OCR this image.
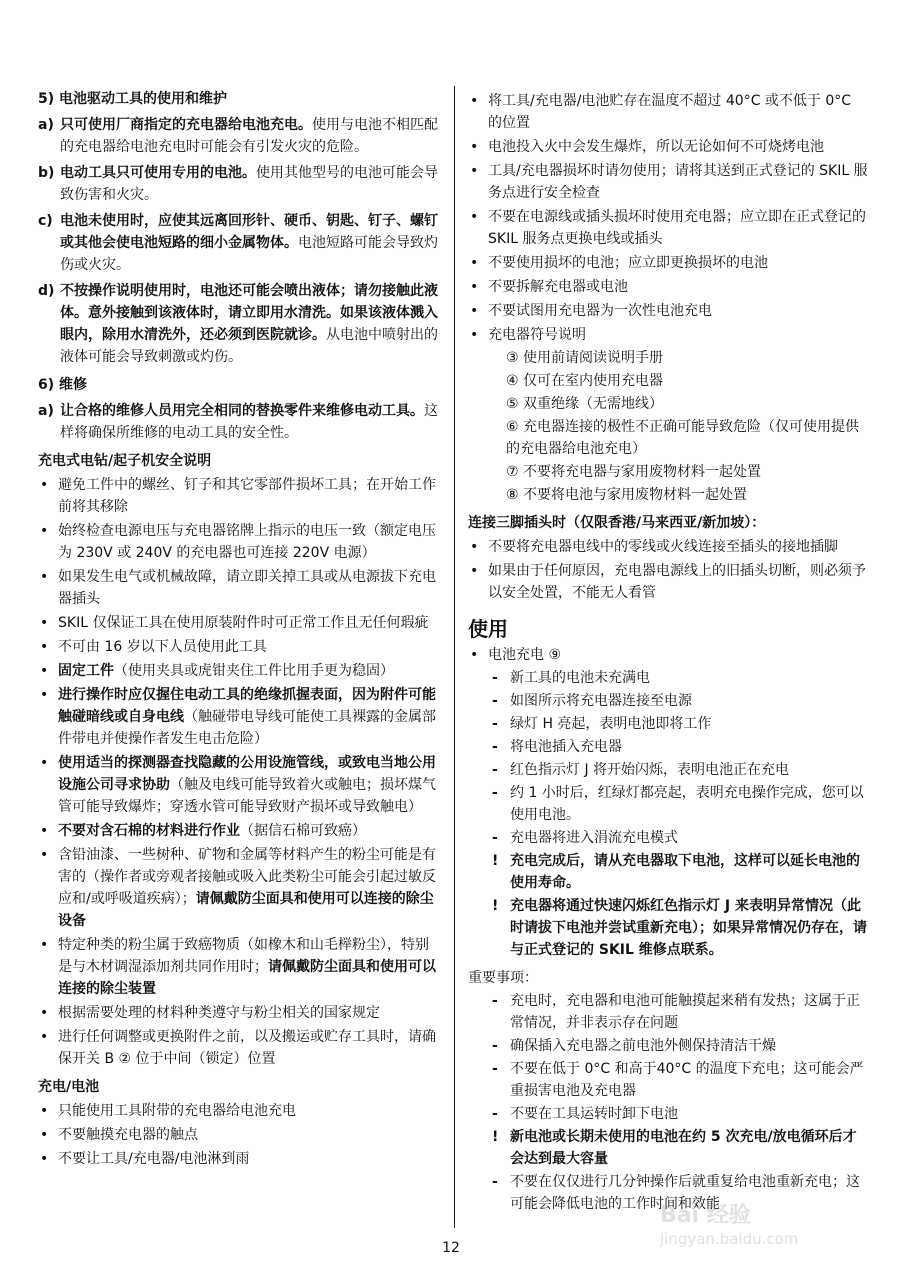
5) 电池驱动工具的使用和维护
a) 只可使用厂商指定的充电器给电池充电。使用与电池不相匹配的充电器给电池充电时可能会有引发火灾的危险。
b) 电动工具只可使用专用的电池。使用其他型号的电池可能会导致伤害和火灾。
c) 电池未使用时，应使其远离回形针、硬币、钥匙、钉子、螺钉或其他会使电池短路的细小金属物体。电池短路可能会导致灼伤或火灾。
d) 不按操作说明使用时，电池还可能会喷出液体；请勿接触此液体。意外接触到该液体时，请立即用水清洗。如果该液体溅入眼内，除用水清洗外，还必须到医院就诊。从电池中喷射出的液体可能会导致刺激或灼伤。
6) 维修
a) 让合格的维修人员用完全相同的替换零件来维修电动工具。这样将确保所维修的电动工具的安全性。
充电式电钻/起子机安全说明
• 避免工件中的螺丝、钉子和其它零部件损坏工具；在开始工作前将其移除
• 始终检查电源电压与充电器铭牌上指示的电压一致（额定电压为 230V 或 240V 的充电器也可连接 220V 电源）
• 如果发生电气或机械故障，请立即关掉工具或从电源拔下充电器插头
• SKIL 仅保证工具在使用原装附件时可正常工作且无任何瑕疵
• 不可由 16 岁以下人员使用此工具
• 固定工件（使用夹具或虎钳夹住工件比用手更为稳固）
• 进行操作时应仅握住电动工具的绝缘抓握表面，因为附件可能触碰暗线或自身电线（触碰带电导线可能使工具裸露的金属部件带电并使操作者发生电击危险）
• 使用适当的探测器查找隐藏的公用设施管线，或致电当地公用设施公司寻求协助（触及电线可能导致着火或触电；损坏煤气管可能导致爆炸；穿透水管可能导致财产损坏或导致触电）
• 不要对含石棉的材料进行作业（据信石棉可致癌）
• 含铅油漆、一些树种、矿物和金属等材料产生的粉尘可能是有害的（操作者或旁观者接触或吸入此类粉尘可能会引起过敏反应和/或呼吸道疾病）；请佩戴防尘面具和使用可以连接的除尘设备
• 特定种类的粉尘属于致癌物质（如橡木和山毛榉粉尘），特别是与木材调湿添加剂共同作用时；请佩戴防尘面具和使用可以连接的除尘装置
• 根据需要处理的材料种类遵守与粉尘相关的国家规定
• 进行任何调整或更换附件之前，以及搬运或贮存工具时，请确保开关 B ② 位于中间（锁定）位置
充电/电池
• 只能使用工具附带的充电器给电池充电
• 不要触摸充电器的触点
• 不要让工具/充电器/电池淋到雨
• 将工具/充电器/电池贮存在温度不超过 40°C 或不低于 0°C 的位置
• 电池投入火中会发生爆炸，所以无论如何不可烧烤电池
• 工具/充电器损坏时请勿使用；请将其送到正式登记的 SKIL 服务点进行安全检查
• 不要在电源线或插头损坏时使用充电器；应立即在正式登记的 SKIL 服务点更换电线或插头
• 不要使用损坏的电池；应立即更换损坏的电池
• 不要拆解充电器或电池
• 不要试图用充电器为一次性电池充电
• 充电器符号说明
③ 使用前请阅读说明手册
④ 仅可在室内使用充电器
⑤ 双重绝缘（无需地线）
⑥ 充电器连接的极性不正确可能导致危险（仅可使用提供的充电器给电池充电）
⑦ 不要将充电器与家用废物材料一起处置
⑧ 不要将电池与家用废物材料一起处置
连接三脚插头时（仅限香港/马来西亚/新加坡）：
• 不要将充电器电线中的零线或火线连接至插头的接地插脚
• 如果由于任何原因，充电器电源线上的旧插头切断，则必须予以安全处置，不能无人看管
使用
• 电池充电 ⑨
- 新工具的电池未充满电
- 如图所示将充电器连接至电源
- 绿灯 H 亮起，表明电池即将工作
- 将电池插入充电器
- 红色指示灯 J 将开始闪烁，表明电池正在充电
- 约 1 小时后，红绿灯都亮起，表明充电操作完成，您可以使用电池。
- 充电器将进入涓流充电模式
! 充电完成后，请从充电器取下电池，这样可以延长电池的使用寿命。
! 充电器将通过快速闪烁红色指示灯 J 来表明异常情况（此时请拔下电池并尝试重新充电）；如果异常情况仍存在，请与正式登记的 SKIL 维修点联系。
重要事项：
- 充电时，充电器和电池可能触摸起来稍有发热；这属于正常情况，并非表示存在问题
- 确保插入充电器之前电池外侧保持清洁干燥
- 不要在低于 0°C 和高于40°C 的温度下充电；这可能会严重损害电池及充电器
- 不要在工具运转时卸下电池
! 新电池或长期未使用的电池在约 5 次充电/放电循环后才会达到最大容量
- 不要在仅仅进行几分钟操作后就重复给电池重新充电；这可能会降低电池的工作时间和效能
12
Bai 经验
jingyan.baidu.com
